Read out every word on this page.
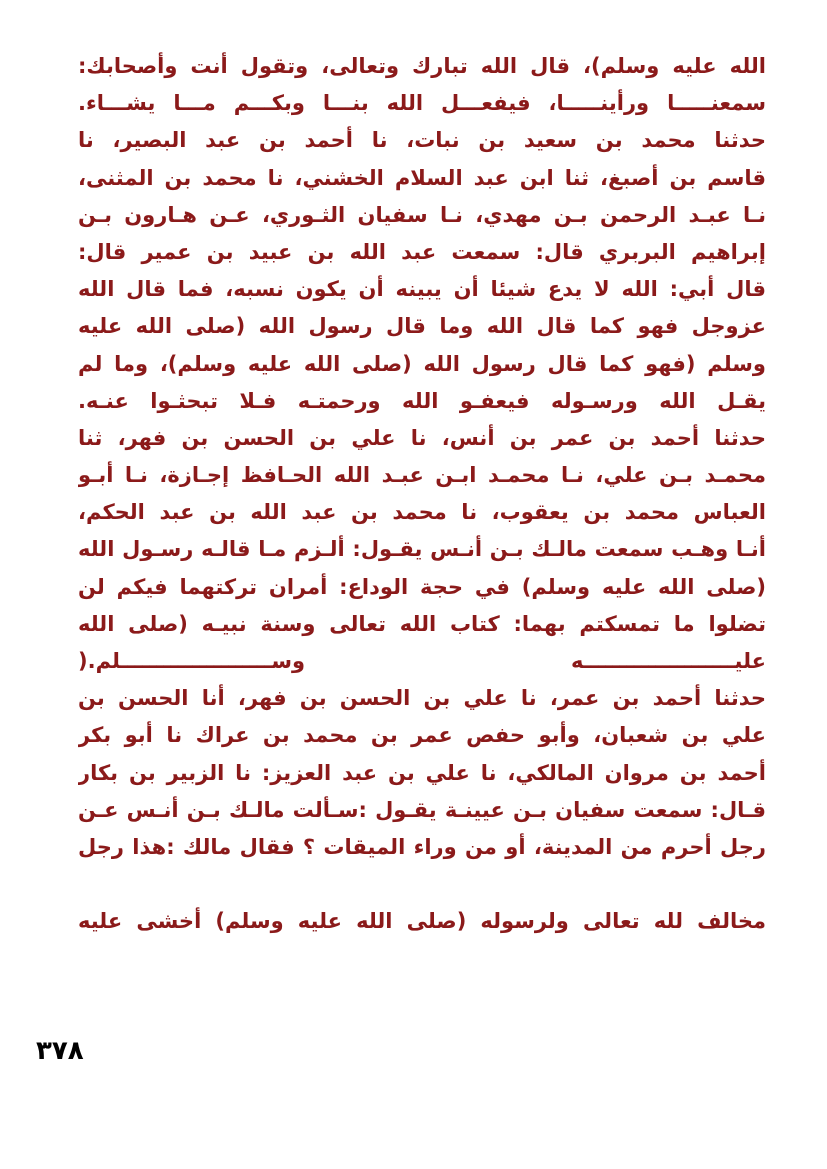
الله عليه وسلم)، قال الله تبارك وتعالى، وتقول أنت وأصحابك:
سمعنـــــا ورأينـــــا، فيفعـــل الله بنـــا وبكـــم مـــا يشـــاء.
حدثنا محمد بن سعيد بن نبات، نا أحمد بن عبد البصير، نا
قاسم بن أصبغ، ثنا ابن عبد السلام الخشني، نا محمد بن المثنى،
نـا عبـد الرحمن بـن مهدي، نـا سفيان الثـوري، عـن هـارون بـن
إبراهيم البربري قال: سمعت عبد الله بن عبيد بن عمير قال:
قال أبي: الله لا يدع شيئا أن يبينه أن يكون نسبه، فما قال الله
عزوجل فهو كما قال الله وما قال رسول الله (صلى الله عليه
وسلم (فهو كما قال رسول الله (صلى الله عليه وسلم)، وما لم
يقـل الله ورسـوله فيعفـو الله ورحمتـه فـلا تبحثـوا عنـه.
حدثنا أحمد بن عمر بن أنس، نا علي بن الحسن بن فهر، ثنا
محمـد بـن علي، نـا محمـد ابـن عبـد الله الحـافظ إجـازة، نـا أبـو
العباس محمد بن يعقوب، نا محمد بن عبد الله بن عبد الحكم،
أنـا وهـب سمعت مالـك بـن أنـس يقـول: ألـزم مـا قالـه رسـول الله
(صلى الله عليه وسلم) في حجة الوداع: أمران تركتهما فيكم لن
تضلوا ما تمسكتم بهما: كتاب الله تعالى وسنة نبيـه (صلى الله
عليـــــــــــــــــــــه وســـــــــــــــــــــلم.(
حدثنا أحمد بن عمر، نا علي بن الحسن بن فهر، أنا الحسن بن
علي بن شعبان، وأبو حفص عمر بن محمد بن عراك نا أبو بكر
أحمد بن مروان المالكي، نا علي بن عبد العزيز: نا الزبير بن بكار
قـال: سمعت سفيان بـن عيينـة يقـول :سـألت مالـك بـن أنـس عـن
رجل أحرم من المدينة، أو من وراء الميقات ؟ فقال مالك :هذا رجل
مخالف لله تعالى ولرسوله (صلى الله عليه وسلم) أخشى عليه
٣٧٨
